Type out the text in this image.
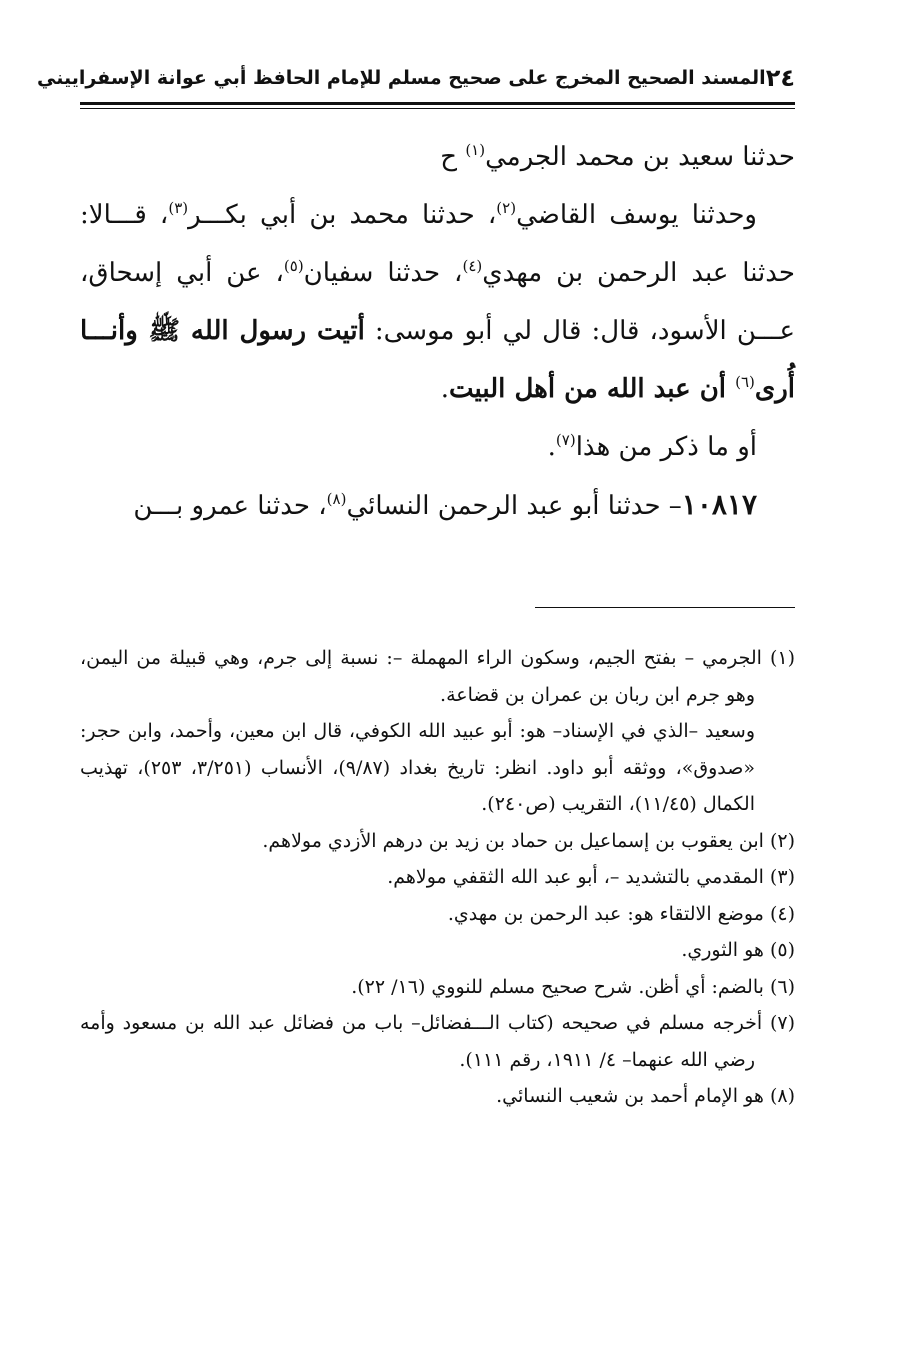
٢٤
المسند الصحيح المخرج على صحيح مسلم للإمام الحافظ أبي عوانة الإسفراييني

حدثنا سعيد بن محمد الجرمي$^{(١)}$ ح

وحدثنا يوسف القاضي$^{(٢)}$، حدثنا محمد بن أبي بكـــر$^{(٣)}$، قـــالا: حدثنا عبد الرحمن بن مهدي$^{(٤)}$، حدثنا سفيان$^{(٥)}$، عن أبي إسحاق، عـــن الأسود، قال: قال لي أبو موسى: أتيت رسول الله ﷺ وأنـــا أُرى$^{(٦)}$ أن عبد الله من أهل البيت.

أو ما ذكر من هذا$^{(٧)}$.

١٠٨١٧– حدثنا أبو عبد الرحمن النسائي$^{(٨)}$، حدثنا عمرو بـــن

(١) الجرمي – بفتح الجيم، وسكون الراء المهملة –: نسبة إلى جرم، وهي قبيلة من اليمن، وهو جرم ابن ربان بن عمران بن قضاعة.

وسعيد –الذي في الإسناد– هو: أبو عبيد الله الكوفي، قال ابن معين، وأحمد، وابن حجر: «صدوق»، ووثقه أبو داود. انظر: تاريخ بغداد (٩/٨٧)، الأنساب (٣/٢٥١، ٢٥٣)، تهذيب الكمال (١١/٤٥)، التقريب (ص٢٤٠).

(٢) ابن يعقوب بن إسماعيل بن حماد بن زيد بن درهم الأزدي مولاهم.

(٣) المقدمي بالتشديد –، أبو عبد الله الثقفي مولاهم.

(٤) موضع الالتقاء هو: عبد الرحمن بن مهدي.

(٥) هو الثوري.

(٦) بالضم: أي أظن. شرح صحيح مسلم للنووي (١٦/ ٢٢).

(٧) أخرجه مسلم في صحيحه (كتاب الـــفضائل– باب من فضائل عبد الله بن مسعود وأمه رضي الله عنهما– ٤/ ١٩١١، رقم ١١١).

(٨) هو الإمام أحمد بن شعيب النسائي.
